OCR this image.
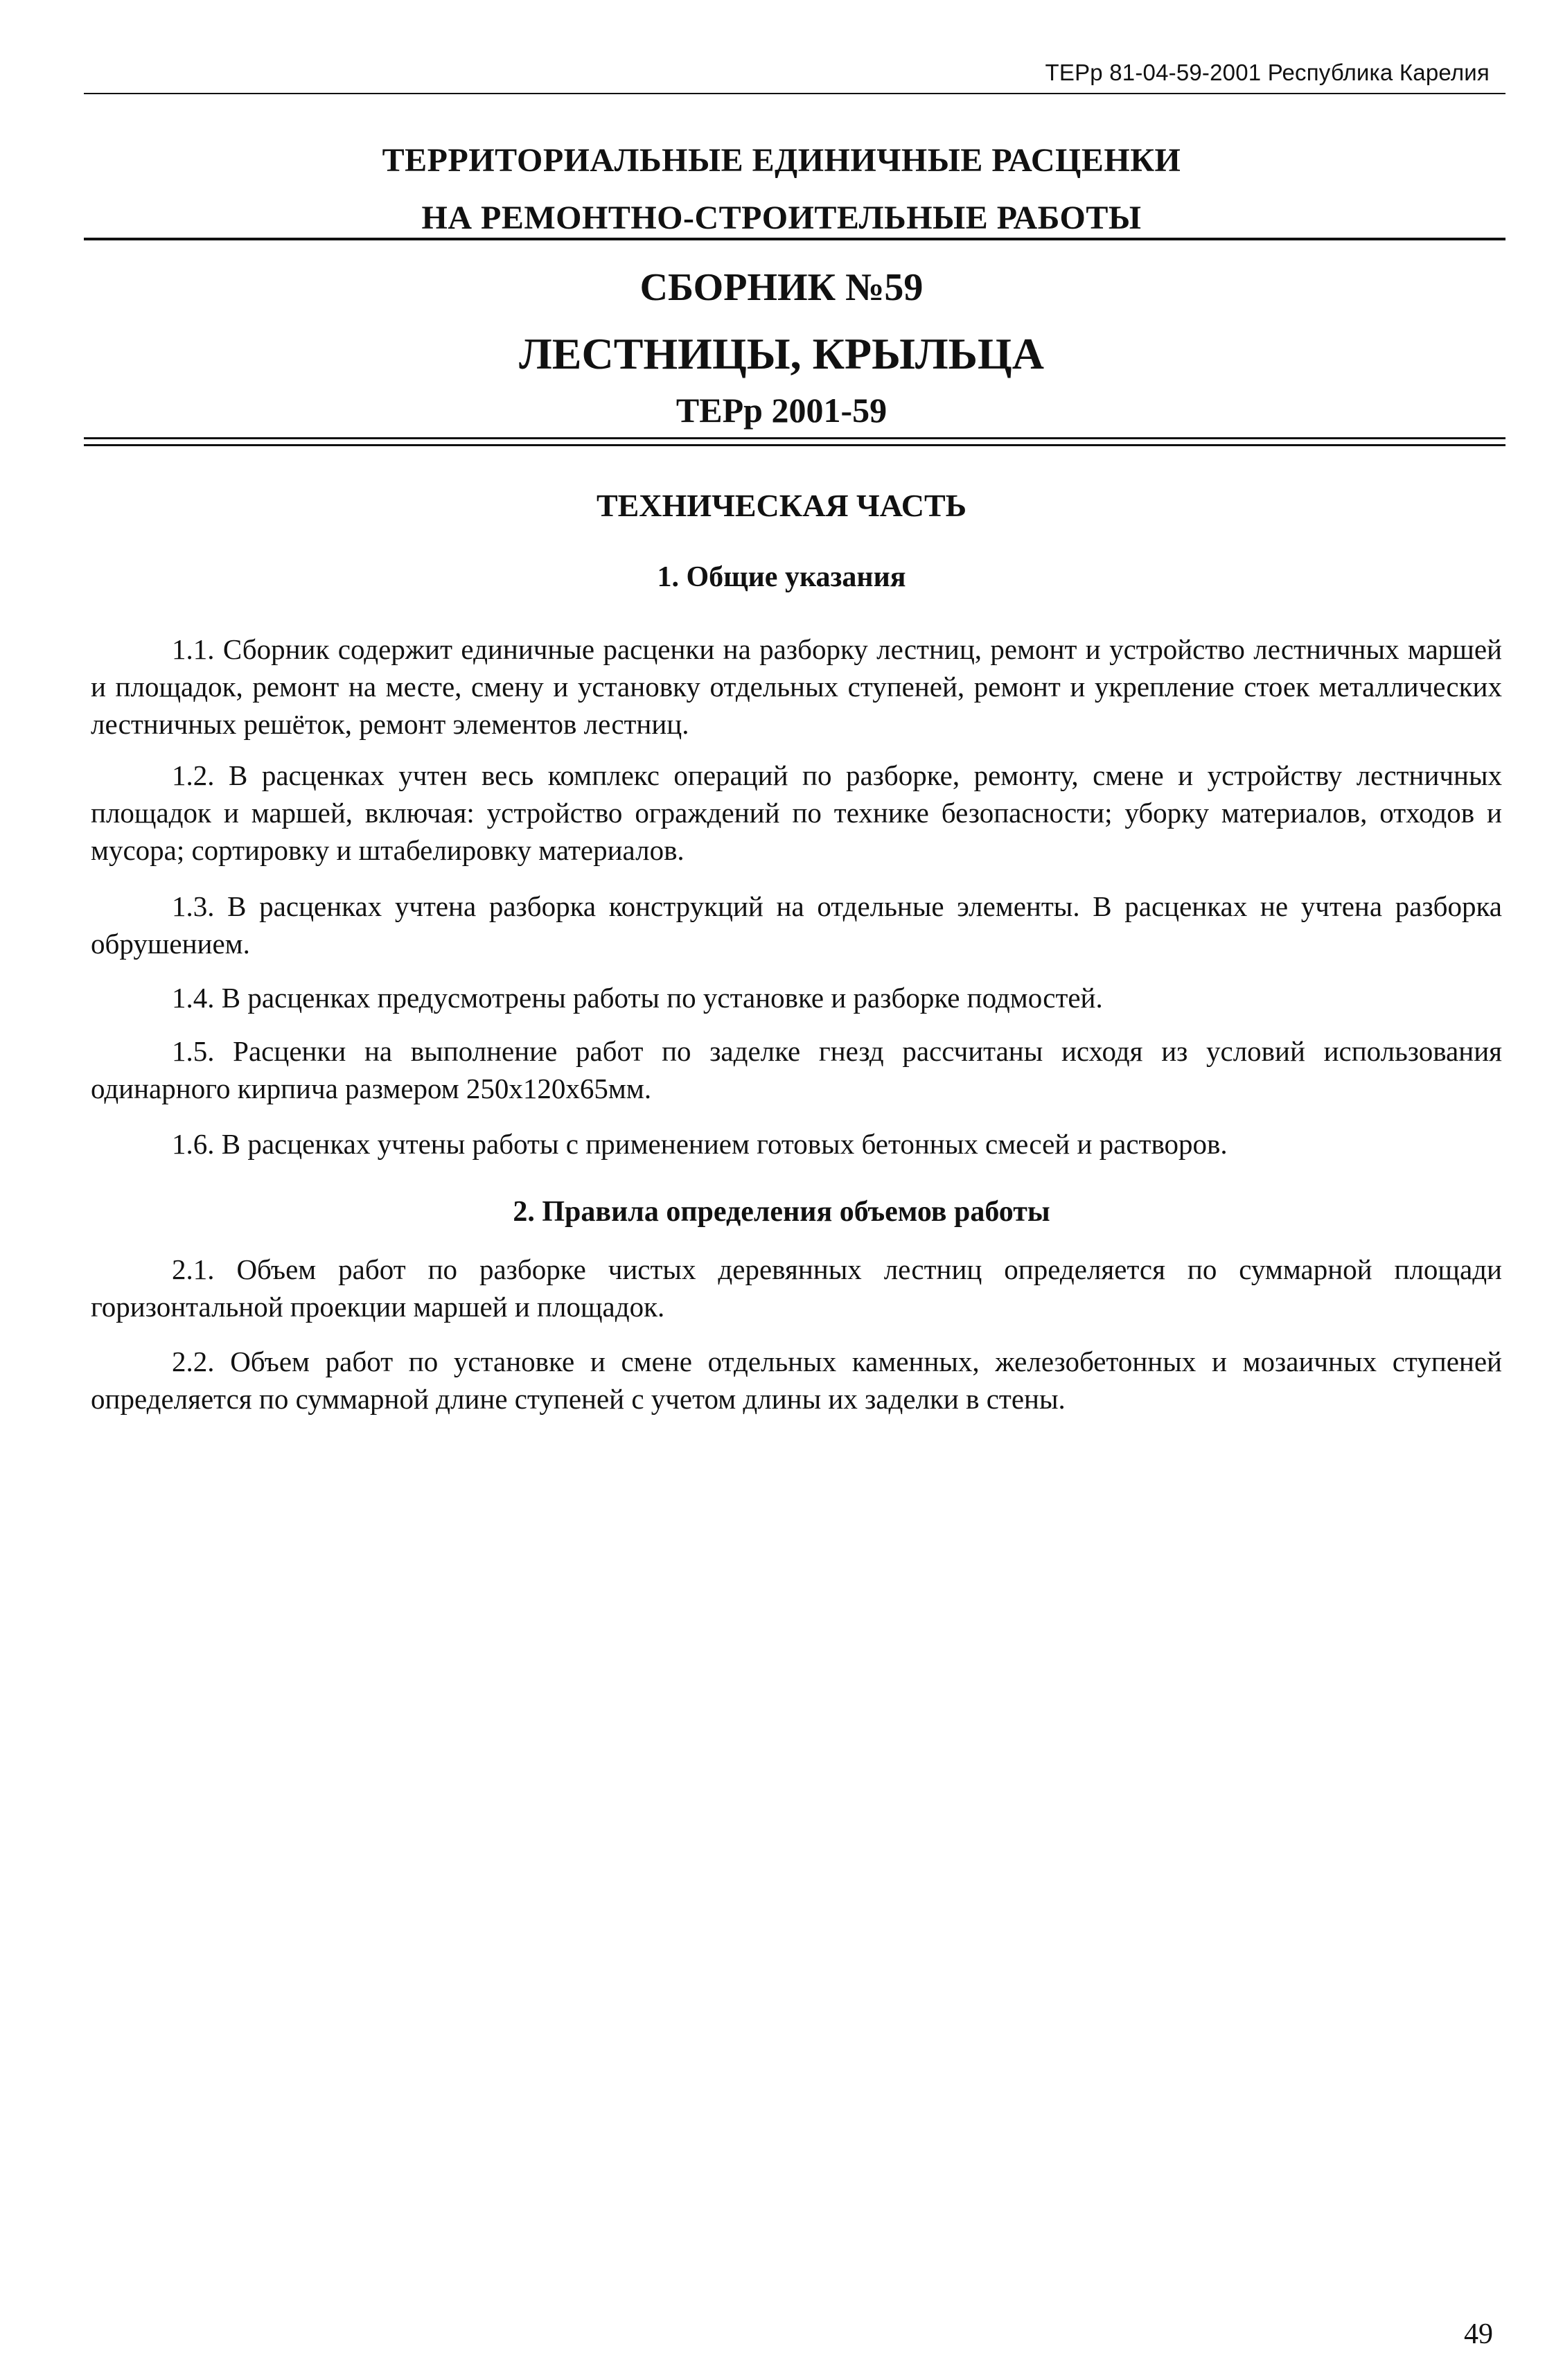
ТЕРр 81-04-59-2001 Республика Карелия
ТЕРРИТОРИАЛЬНЫЕ ЕДИНИЧНЫЕ РАСЦЕНКИ
НА РЕМОНТНО-СТРОИТЕЛЬНЫЕ РАБОТЫ
СБОРНИК №59
ЛЕСТНИЦЫ, КРЫЛЬЦА
ТЕРр 2001-59
ТЕХНИЧЕСКАЯ ЧАСТЬ
1. Общие указания

1.1. Сборник содержит единичные расценки на разборку лестниц, ремонт и устройство лестничных маршей и площадок, ремонт на месте, смену и установку отдельных ступеней, ремонт и укрепление стоек металлических лестничных решёток, ремонт элементов лестниц.

1.2. В расценках учтен весь комплекс операций по разборке, ремонту, смене и устройству лестничных площадок и маршей, включая: устройство ограждений по технике безопасности; уборку материалов, отходов и мусора; сортировку и штабелировку материалов.

1.3. В расценках учтена разборка конструкций на отдельные элементы. В расценках не учтена разборка обрушением.

1.4. В расценках предусмотрены работы по установке и разборке подмостей.

1.5. Расценки на выполнение работ по заделке гнезд рассчитаны исходя из условий использования одинарного кирпича размером 250х120х65мм.

1.6. В расценках учтены работы с применением готовых бетонных смесей и растворов.

2. Правила определения объемов работы

2.1. Объем работ по разборке чистых деревянных лестниц определяется по суммарной площади горизонтальной проекции маршей и площадок.

2.2. Объем работ по установке и смене отдельных каменных, железобетонных и мозаичных ступеней определяется по суммарной длине ступеней с учетом длины их заделки в стены.

49
